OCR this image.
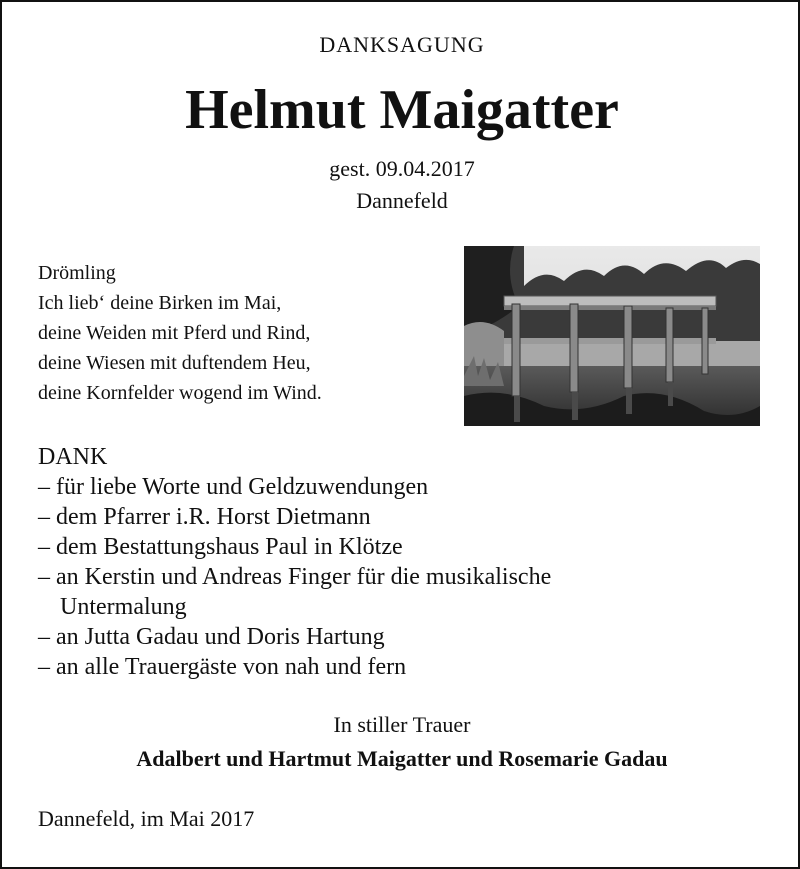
DANKSAGUNG
Helmut Maigatter
gest. 09.04.2017
Dannefeld
Drömling
Ich lieb‘ deine Birken im Mai,
deine Weiden mit Pferd und Rind,
deine Wiesen mit duftendem Heu,
deine Kornfelder wogend im Wind.
DANK
– für liebe Worte und Geldzuwendungen
– dem Pfarrer i.R. Horst Dietmann
– dem Bestattungshaus Paul in Klötze
– an Kerstin und Andreas Finger für die musikalische
Untermalung
– an Jutta Gadau und Doris Hartung
– an alle Trauergäste von nah und fern
In stiller Trauer
Adalbert und Hartmut Maigatter und Rosemarie Gadau
Dannefeld, im Mai 2017
